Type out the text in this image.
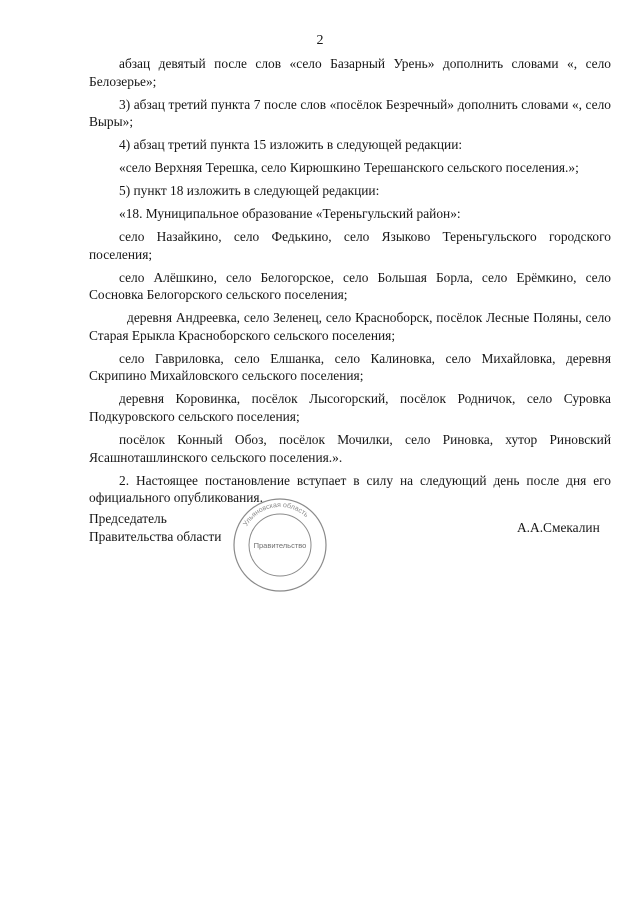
2

абзац девятый после слов «село Базарный Урень» дополнить словами «, село Белозерье»;

3) абзац третий пункта 7 после слов «посёлок Безречный» дополнить словами «, село Выры»;

4) абзац третий пункта 15 изложить в следующей редакции:

«село Верхняя Терешка, село Кирюшкино Терешанского сельского поселения.»;

5) пункт 18 изложить в следующей редакции:

«18. Муниципальное образование «Тереньгульский район»:

село Назайкино, село Федькино, село Языково Тереньгульского городского поселения;

село Алёшкино, село Белогорское, село Большая Борла, село Ерёмкино, село Сосновка Белогорского сельского поселения;

деревня Андреевка, село Зеленец, село Красноборск, посёлок Лесные Поляны, село Старая Ерыкла Красноборского сельского поселения;

село Гавриловка, село Елшанка, село Калиновка, село Михайловка, деревня Скрипино Михайловского сельского поселения;

деревня Коровинка, посёлок Лысогорский, посёлок Родничок, село Суровка Подкуровского сельского поселения;

посёлок Конный Обоз, посёлок Мочилки, село Риновка, хутор Риновский Ясашноташлинского сельского поселения.».

2. Настоящее постановление вступает в силу на следующий день после дня его официального опубликования.

Председатель
Правительства области
Ульяновская область
Правительство
А.А.Смекалин
